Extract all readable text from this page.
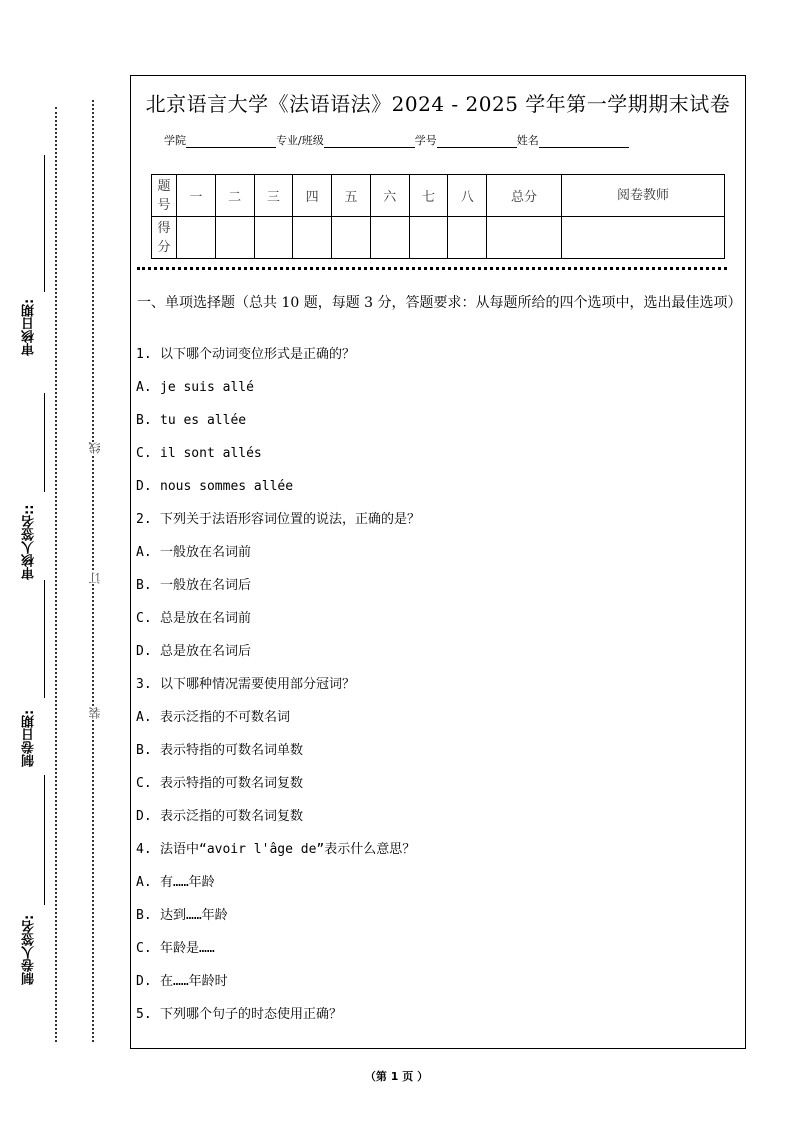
线
订
装
审核日期:
审核人签名::
制卷日期:
制卷人签名:
北京语言大学《法语语法》2024 - 2025 学年第一学期期末试卷
学院	专业/班级	学号	姓名
题号	一	二	三	四	五	六	七	八	总分	阅卷教师
得分										
一、单项选择题（总共 10 题，每题 3 分，答题要求：从每题所给的四个选项中，选出最佳选项）
1. 以下哪个动词变位形式是正确的？
A. je suis allé
B. tu es allée
C. il sont allés
D. nous sommes allée
2. 下列关于法语形容词位置的说法，正确的是？
A. 一般放在名词前
B. 一般放在名词后
C. 总是放在名词前
D. 总是放在名词后
3. 以下哪种情况需要使用部分冠词？
A. 表示泛指的不可数名词
B. 表示特指的可数名词单数
C. 表示特指的可数名词复数
D. 表示泛指的可数名词复数
4. 法语中“avoir l'âge de”表示什么意思？
A. 有……年龄
B. 达到……年龄
C. 年龄是……
D. 在……年龄时
5. 下列哪个句子的时态使用正确？
（第 1 页 ）
